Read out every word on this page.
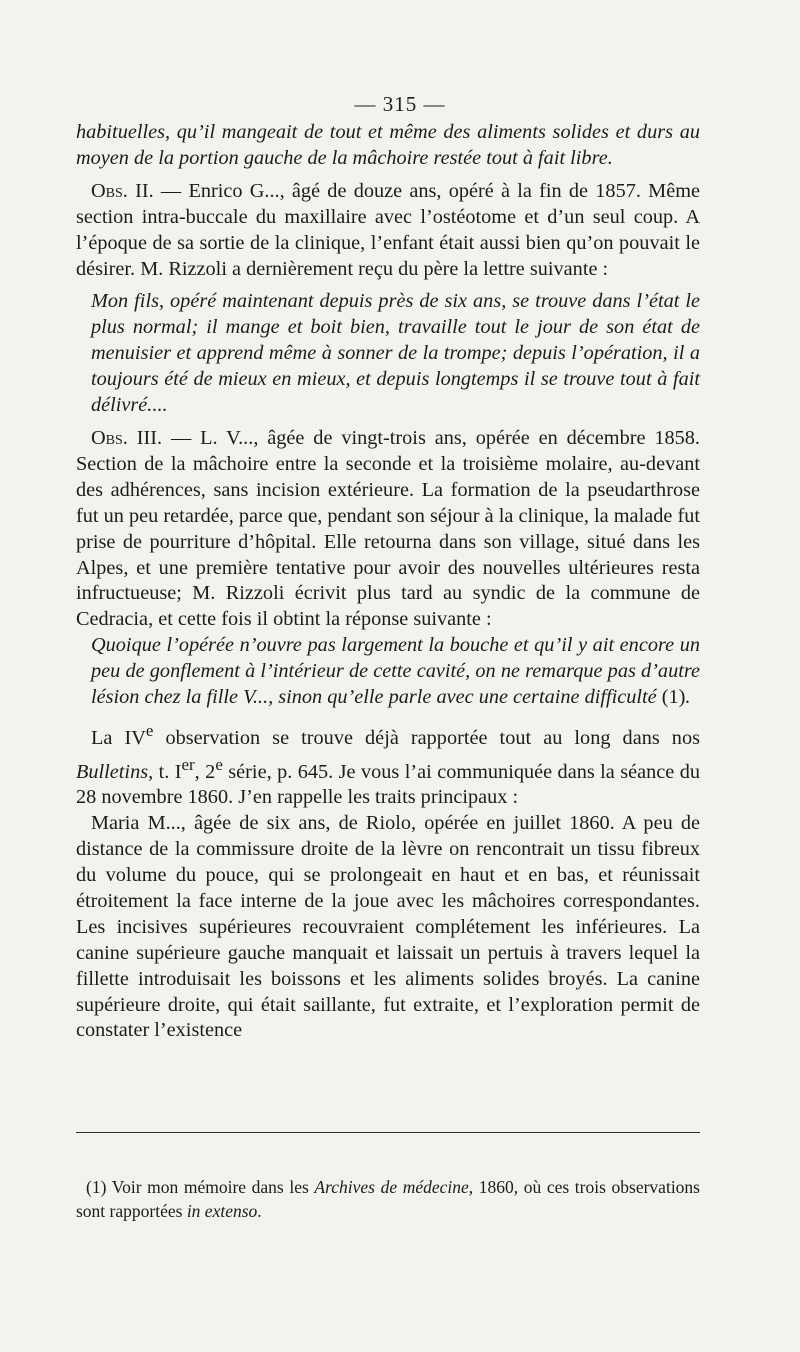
— 315 —

habituelles, qu’il mangeait de tout et même des aliments solides et durs au moyen de la portion gauche de la mâchoire restée tout à fait libre.

Obs. II. — Enrico G..., âgé de douze ans, opéré à la fin de 1857. Même section intra-buccale du maxillaire avec l’ostéotome et d’un seul coup. A l’époque de sa sortie de la clinique, l’enfant était aussi bien qu’on pouvait le désirer. M. Rizzoli a dernièrement reçu du père la lettre suivante :

Mon fils, opéré maintenant depuis près de six ans, se trouve dans l’état le plus normal; il mange et boit bien, travaille tout le jour de son état de menuisier et apprend même à sonner de la trompe; depuis l’opération, il a toujours été de mieux en mieux, et depuis longtemps il se trouve tout à fait délivré....

Obs. III. — L. V..., âgée de vingt-trois ans, opérée en décembre 1858. Section de la mâchoire entre la seconde et la troisième molaire, au-devant des adhérences, sans incision extérieure. La formation de la pseudarthrose fut un peu retardée, parce que, pendant son séjour à la clinique, la malade fut prise de pourriture d’hôpital. Elle retourna dans son village, situé dans les Alpes, et une première tentative pour avoir des nouvelles ultérieures resta infructueuse; M. Rizzoli écrivit plus tard au syndic de la commune de Cedracia, et cette fois il obtint la réponse suivante :

Quoique l’opérée n’ouvre pas largement la bouche et qu’il y ait encore un peu de gonflement à l’intérieur de cette cavité, on ne remarque pas d’autre lésion chez la fille V..., sinon qu’elle parle avec une certaine difficulté (1).

La IVe observation se trouve déjà rapportée tout au long dans nos Bulletins, t. Ier, 2e série, p. 645. Je vous l’ai communiquée dans la séance du 28 novembre 1860. J’en rappelle les traits principaux :

Maria M..., âgée de six ans, de Riolo, opérée en juillet 1860. A peu de distance de la commissure droite de la lèvre on rencontrait un tissu fibreux du volume du pouce, qui se prolongeait en haut et en bas, et réunissait étroitement la face interne de la joue avec les mâchoires correspondantes. Les incisives supérieures recouvraient complétement les inférieures. La canine supérieure gauche manquait et laissait un pertuis à travers lequel la fillette introduisait les boissons et les aliments solides broyés. La canine supérieure droite, qui était saillante, fut extraite, et l’exploration permit de constater l’existence

(1) Voir mon mémoire dans les Archives de médecine, 1860, où ces trois observations sont rapportées in extenso.
